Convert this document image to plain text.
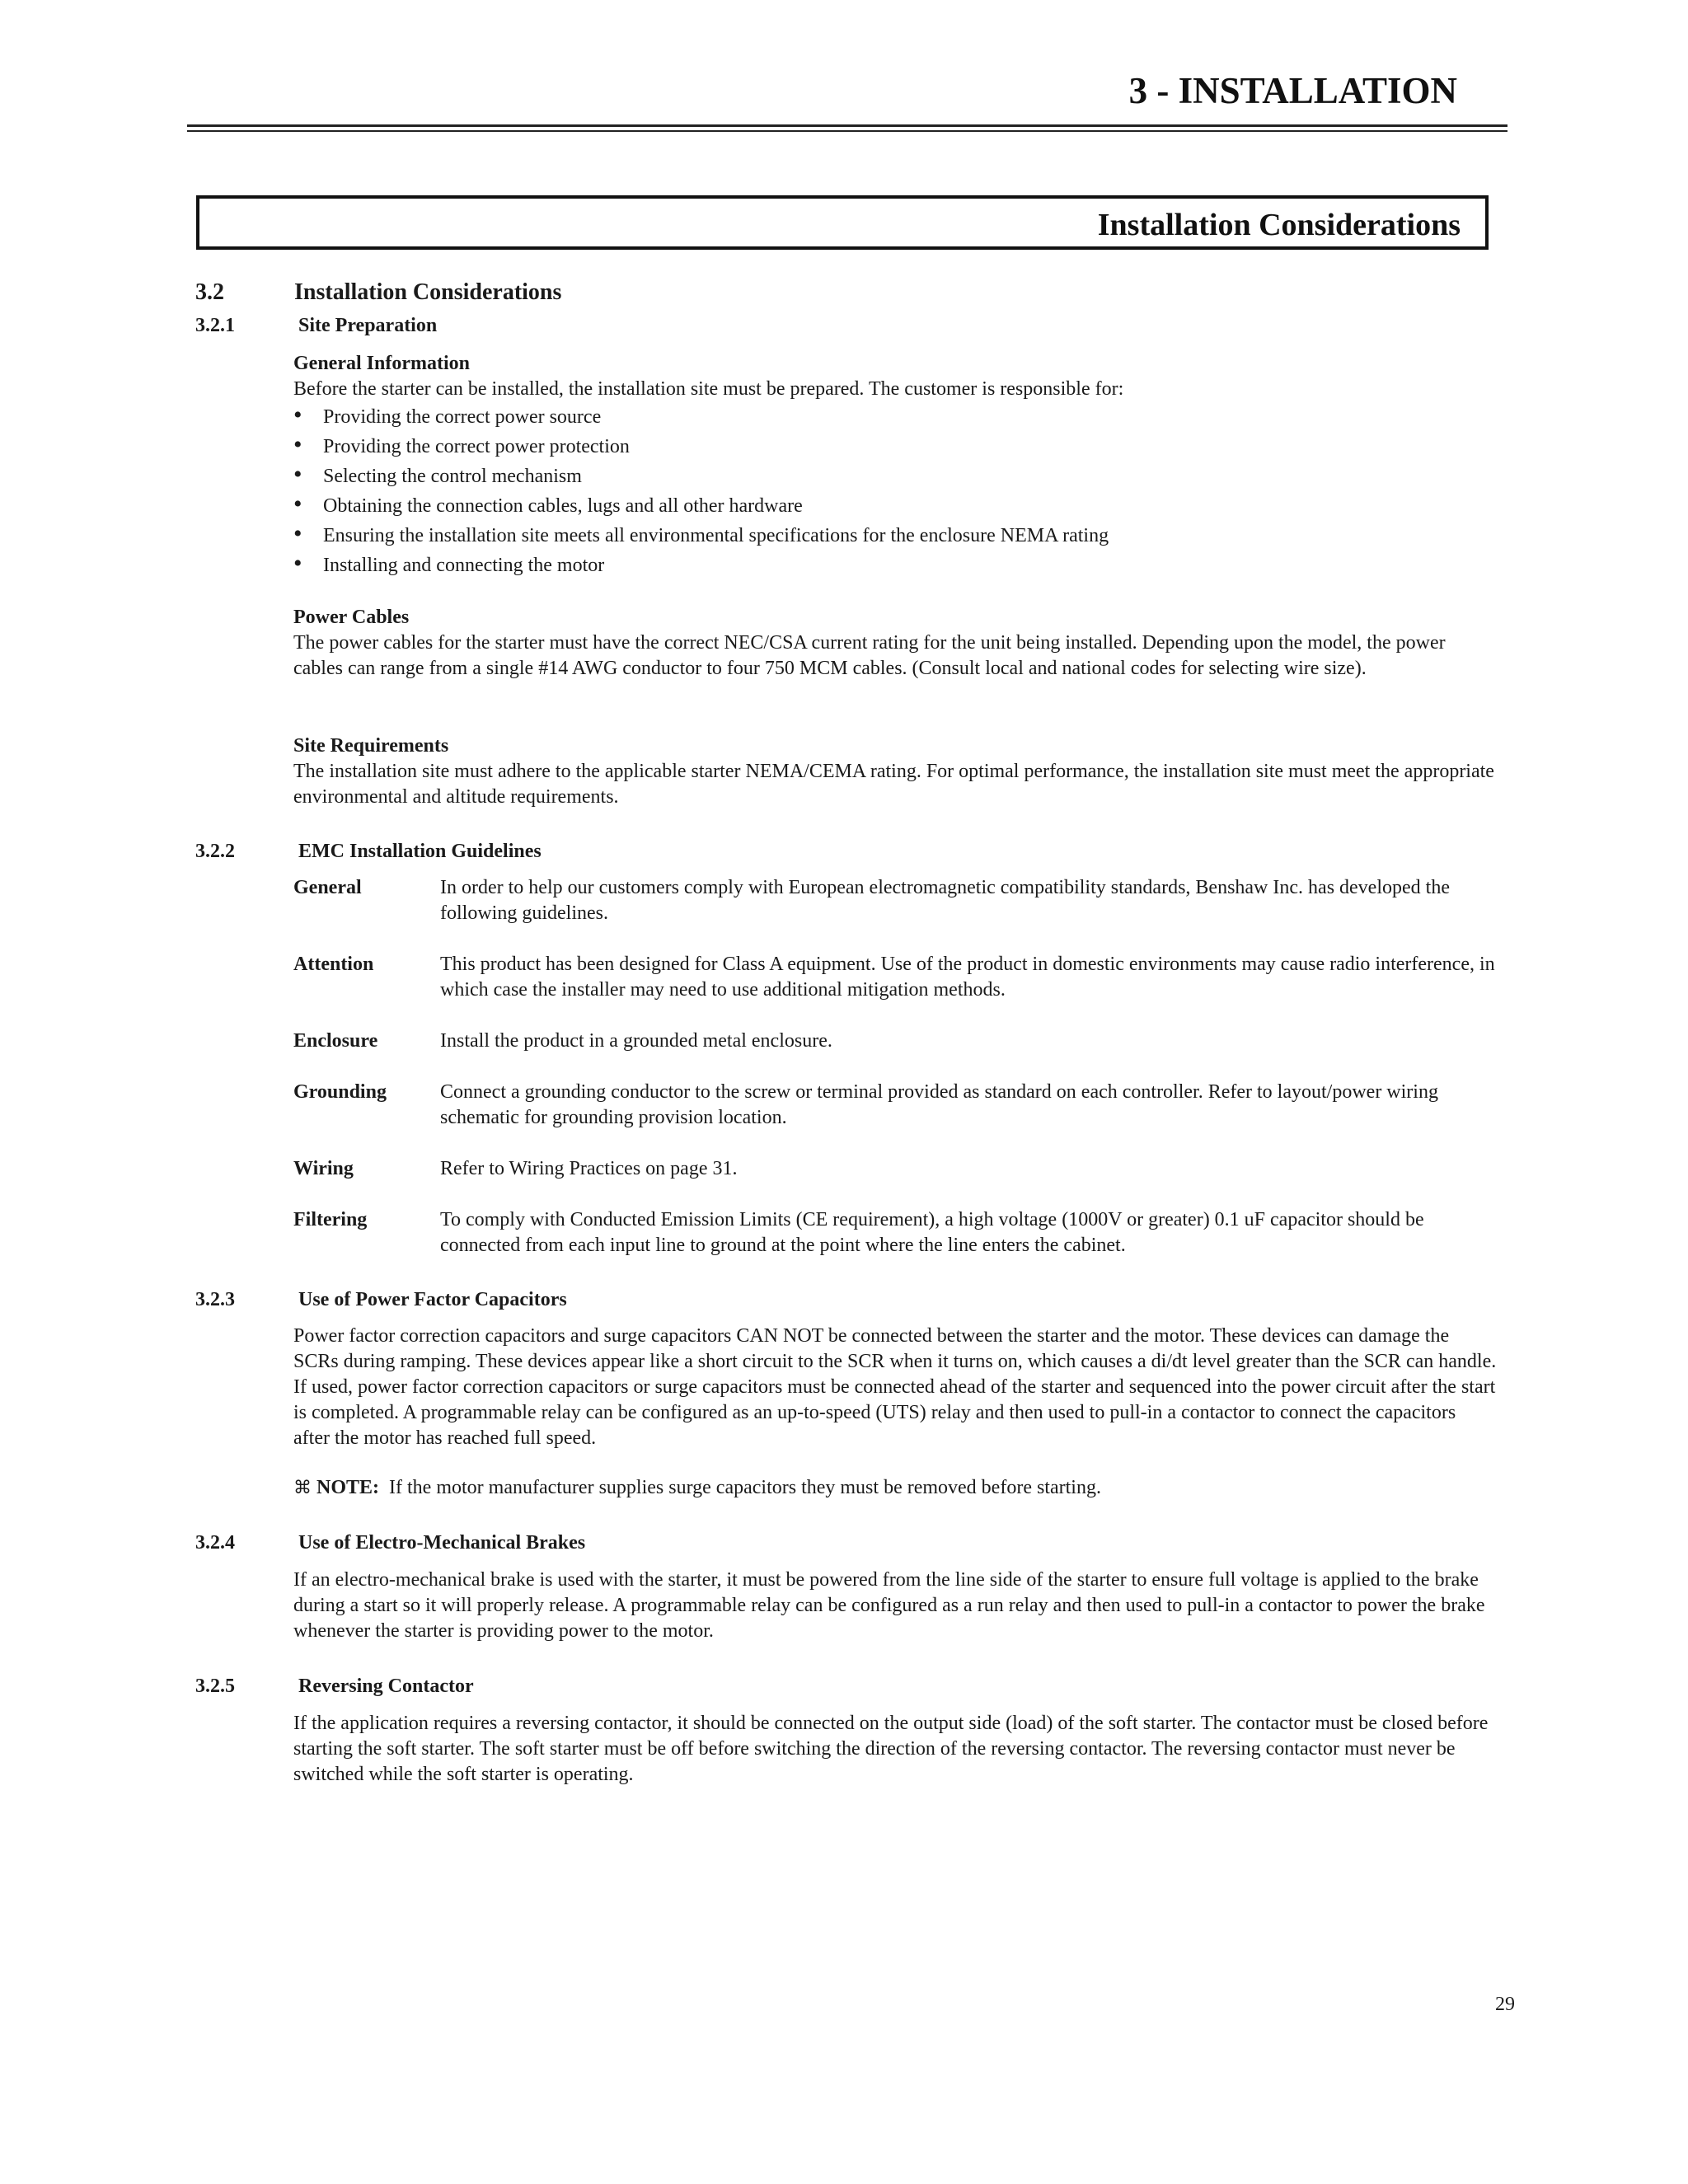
3 - INSTALLATION
Installation Considerations
3.2	Installation Considerations
3.2.1	Site Preparation

General Information

Before the starter can be installed, the installation site must be prepared. The customer is responsible for:

• Providing the correct power source
• Providing the correct power protection
• Selecting the control mechanism
• Obtaining the connection cables, lugs and all other hardware
• Ensuring the installation site meets all environmental specifications for the enclosure NEMA rating
• Installing and connecting the motor

Power Cables

The power cables for the starter must have the correct NEC/CSA current rating for the unit being installed. Depending upon the model, the power cables can range from a single #14 AWG conductor to four 750 MCM cables. (Consult local and national codes for selecting wire size).

Site Requirements

The installation site must adhere to the applicable starter NEMA/CEMA rating. For optimal performance, the installation site must meet the appropriate environmental and altitude requirements.

3.2.2	EMC Installation Guidelines
General	In order to help our customers comply with European electromagnetic compatibility standards, Benshaw Inc. has developed the following guidelines.
Attention	This product has been designed for Class A equipment. Use of the product in domestic environments may cause radio interference, in which case the installer may need to use additional mitigation methods.
Enclosure	Install the product in a grounded metal enclosure.
Grounding	Connect a grounding conductor to the screw or terminal provided as standard on each controller. Refer to layout/power wiring schematic for grounding provision location.
Wiring	Refer to Wiring Practices on page 31.
Filtering	To comply with Conducted Emission Limits (CE requirement), a high voltage (1000V or greater) 0.1 uF capacitor should be connected from each input line to ground at the point where the line enters the cabinet.
3.2.3	Use of Power Factor Capacitors

Power factor correction capacitors and surge capacitors CAN NOT be connected between the starter and the motor. These devices can damage the SCRs during ramping. These devices appear like a short circuit to the SCR when it turns on, which causes a di/dt level greater than the SCR can handle. If used, power factor correction capacitors or surge capacitors must be connected ahead of the starter and sequenced into the power circuit after the start is completed. A programmable relay can be configured as an up-to-speed (UTS) relay and then used to pull-in a contactor to connect the capacitors after the motor has reached full speed.

⌘ NOTE: If the motor manufacturer supplies surge capacitors they must be removed before starting.

3.2.4	Use of Electro-Mechanical Brakes

If an electro-mechanical brake is used with the starter, it must be powered from the line side of the starter to ensure full voltage is applied to the brake during a start so it will properly release. A programmable relay can be configured as a run relay and then used to pull-in a contactor to power the brake whenever the starter is providing power to the motor.

3.2.5	Reversing Contactor

If the application requires a reversing contactor, it should be connected on the output side (load) of the soft starter. The contactor must be closed before starting the soft starter. The soft starter must be off before switching the direction of the reversing contactor. The reversing contactor must never be switched while the soft starter is operating.

29
